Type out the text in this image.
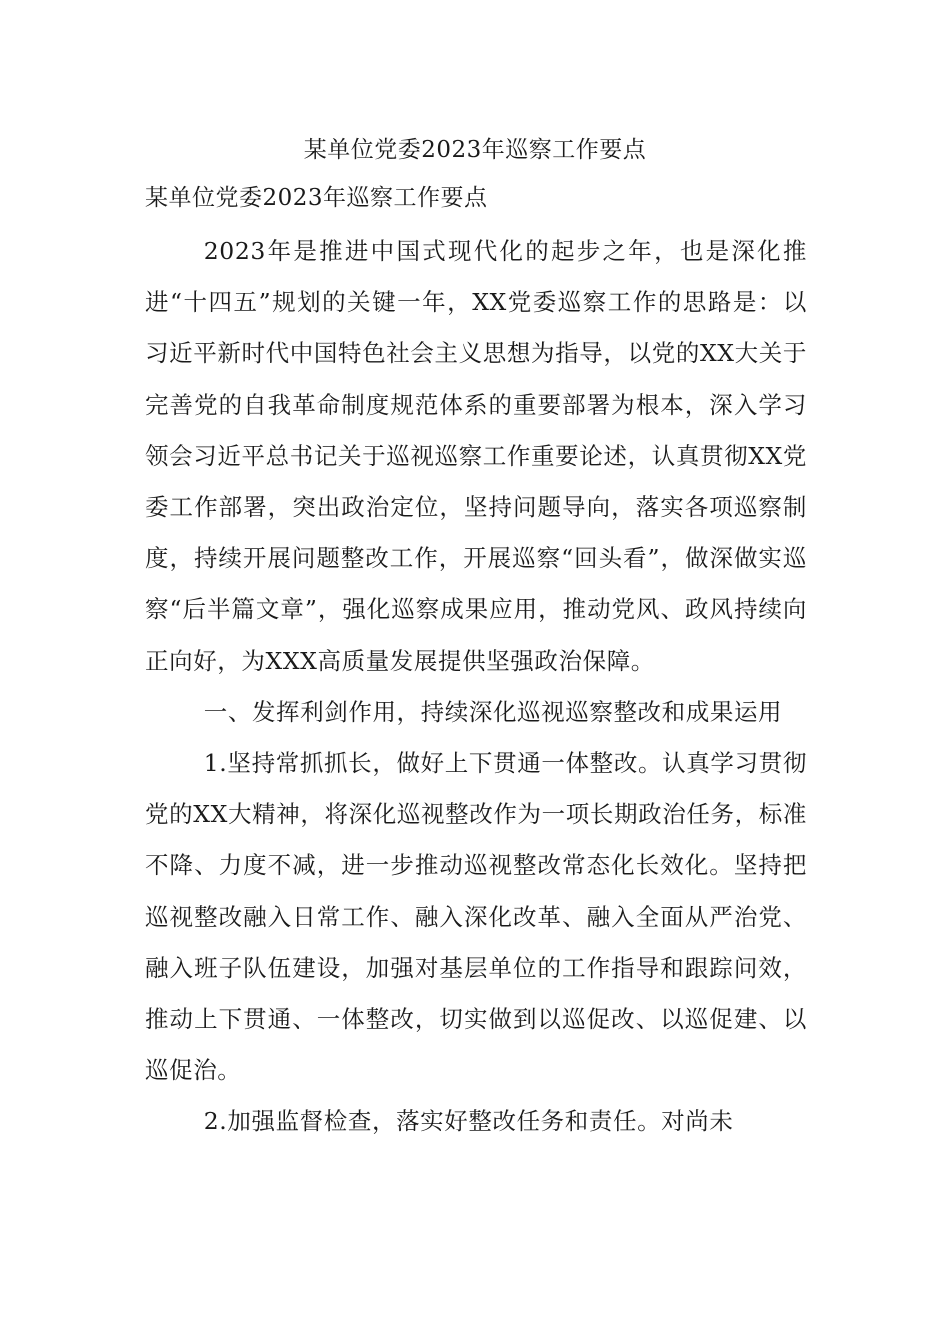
某单位党委2023年巡察工作要点
某单位党委2023年巡察工作要点

2023年是推进中国式现代化的起步之年，也是深化推进“十四五”规划的关键一年，XX党委巡察工作的思路是：以习近平新时代中国特色社会主义思想为指导，以党的XX大关于完善党的自我革命制度规范体系的重要部署为根本，深入学习领会习近平总书记关于巡视巡察工作重要论述，认真贯彻XX党委工作部署，突出政治定位，坚持问题导向，落实各项巡察制度，持续开展问题整改工作，开展巡察“回头看”，做深做实巡察“后半篇文章”，强化巡察成果应用，推动党风、政风持续向正向好，为XXX高质量发展提供坚强政治保障。

一、发挥利剑作用，持续深化巡视巡察整改和成果运用

1.坚持常抓抓长，做好上下贯通一体整改。认真学习贯彻党的XX大精神，将深化巡视整改作为一项长期政治任务，标准不降、力度不减，进一步推动巡视整改常态化长效化。坚持把巡视整改融入日常工作、融入深化改革、融入全面从严治党、融入班子队伍建设，加强对基层单位的工作指导和跟踪问效，推动上下贯通、一体整改，切实做到以巡促改、以巡促建、以巡促治。

2.加强监督检查，落实好整改任务和责任。对尚未
